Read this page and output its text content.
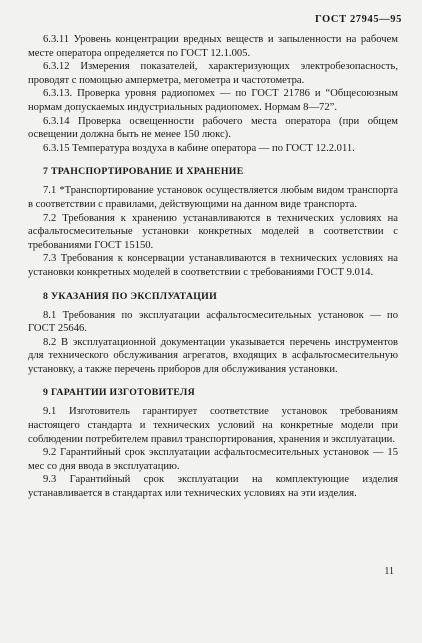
ГОСТ 27945—95

6.3.11 Уровень концентрации вредных веществ и запыленности на рабочем месте оператора определяется по ГОСТ 12.1.005.

6.3.12 Измерения показателей, характеризующих электробезопасность, проводят с помощью амперметра, мегометра и частотометра.

6.3.13. Проверка уровня радиопомех — по ГОСТ 21786 и “Общесоюзным нормам допускаемых индустриальных радиопомех. Нормам 8—72”.

6.3.14 Проверка освещенности рабочего места оператора (при общем освещении должна быть не менее 150 люкс).

6.3.15 Температура воздуха в кабине оператора — по ГОСТ 12.2.011.

7 ТРАНСПОРТИРОВАНИЕ И ХРАНЕНИЕ

7.1 *Транспортирование установок осуществляется любым видом транспорта в соответствии с правилами, действующими на данном виде транспорта.

7.2 Требования к хранению устанавливаются в технических условиях на асфальтосмесительные установки конкретных моделей в соответствии с требованиями ГОСТ 15150.

7.3 Требования к консервации устанавливаются в технических условиях на установки конкретных моделей в соответствии с требованиями ГОСТ 9.014.

8 УКАЗАНИЯ ПО ЭКСПЛУАТАЦИИ

8.1 Требования по эксплуатации асфальтосмесительных установок — по ГОСТ 25646.

8.2 В эксплуатационной документации указывается перечень инструментов для технического обслуживания агрегатов, входящих в асфальтосмесительную установку, а также перечень приборов для обслуживания установки.

9 ГАРАНТИИ ИЗГОТОВИТЕЛЯ

9.1 Изготовитель гарантирует соответствие установок требованиям настоящего стандарта и технических условий на конкретные модели при соблюдении потребителем правил транспортирования, хранения и эксплуатации.

9.2 Гарантийный срок эксплуатации асфальтосмесительных установок — 15 мес со дня ввода в эксплуатацию.

9.3 Гарантийный срок эксплуатации на комплектующие изделия устанавливается в стандартах или технических условиях на эти изделия.

11
